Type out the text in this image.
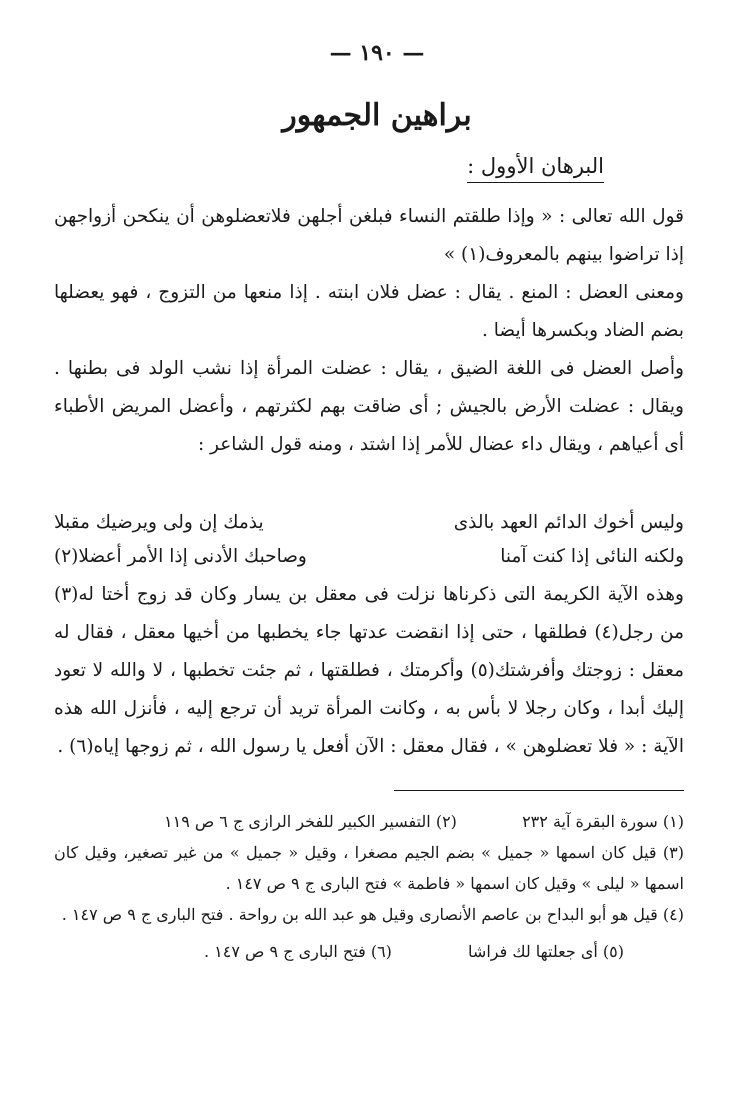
— ١٩٠ —
براهين الجمهور
البرهان الأوول :

قول الله تعالى : « وإذا طلقتم النساء فبلغن أجلهن فلاتعضلوهن أن ينكحن أزواجهن إذا تراضوا بينهم بالمعروف(١) »

ومعنى العضل : المنع . يقال : عضل فلان ابنته . إذا منعها من التزوج ، فهو يعضلها بضم الضاد وبكسرها أيضا .

وأصل العضل فى اللغة الضيق ، يقال : عضلت المرأة إذا نشب الولد فى بطنها . ويقال : عضلت الأرض بالجيش ; أى ضاقت بهم لكثرتهم ، وأعضل المريض الأطباء أى أعياهم ، ويقال داء عضال للأمر إذا اشتد ، ومنه قول الشاعر :

وليس أخوك الدائم العهد بالذى
يذمك إن ولى ويرضيك مقبلا
ولكنه النائى إذا كنت آمنا
وصاحبك الأدنى إذا الأمر أعضلا(٢)

وهذه الآية الكريمة التى ذكرناها نزلت فى معقل بن يسار وكان قد زوج أختا له(٣) من رجل(٤) فطلقها ، حتى إذا انقضت عدتها جاء يخطبها من أخيها معقل ، فقال له معقل : زوجتك وأفرشتك(٥) وأكرمتك ، فطلقتها ، ثم جئت تخطبها ، لا والله لا تعود إليك أبدا ، وكان رجلا لا بأس به ، وكانت المرأة تريد أن ترجع إليه ، فأنزل الله هذه الآية : « فلا تعضلوهن » ، فقال معقل : الآن أفعل يا رسول الله ، ثم زوجها إياه(٦) .

(١) سورة البقرة آية ٢٣٢
(٢) التفسير الكبير للفخر الرازى ج ٦ ص ١١٩
(٣) قيل كان اسمها « جميل » بضم الجيم مصغرا ، وقيل « جميل » من غير تصغير، وقيل كان اسمها « ليلى » وقيل كان اسمها « فاطمة » فتح البارى ج ٩ ص ١٤٧ .
(٤) قيل هو أبو البداح بن عاصم الأنصارى وقيل هو عبد الله بن رواحة . فتح البارى ج ٩ ص ١٤٧ .
(٥) أى جعلتها لك فراشا
(٦) فتح البارى ج ٩ ص ١٤٧ .
